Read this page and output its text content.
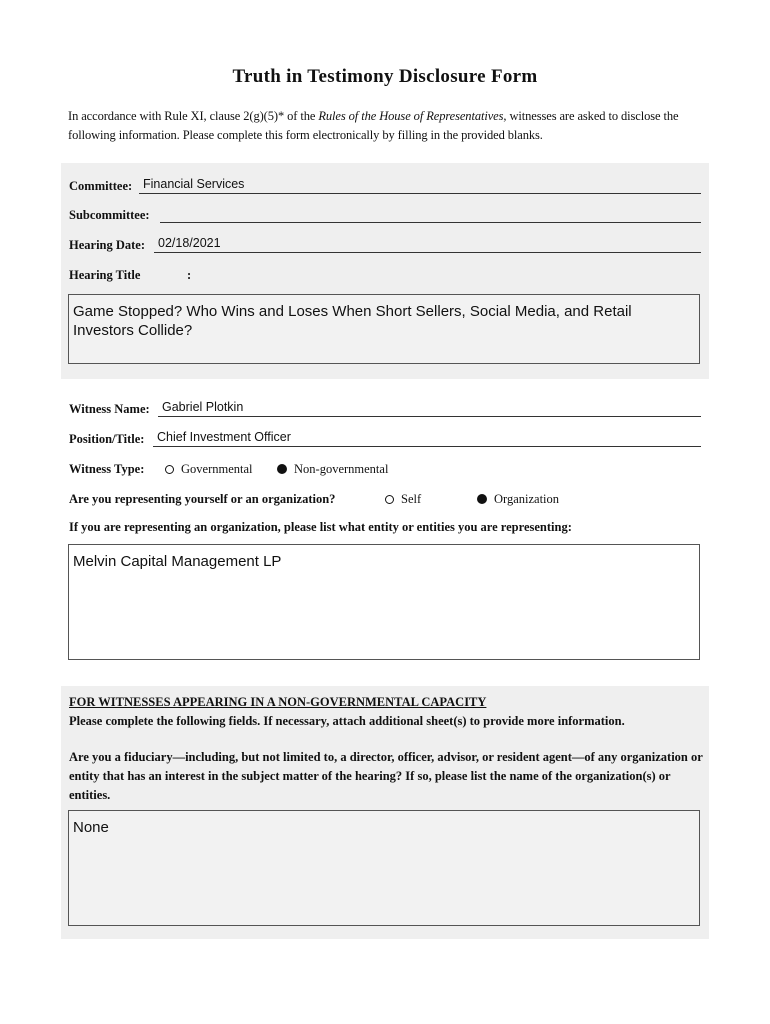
Truth in Testimony Disclosure Form
In accordance with Rule XI, clause 2(g)(5)* of the Rules of the House of Representatives, witnesses are asked to disclose the following information. Please complete this form electronically by filling in the provided blanks.
Committee: Financial Services
Subcommittee:
Hearing Date: 02/18/2021
Hearing Title	:
Game Stopped? Who Wins and Loses When Short Sellers, Social Media, and Retail Investors Collide?
Witness Name: Gabriel Plotkin
Position/Title: Chief Investment Officer
Witness Type:	Governmental	Non-governmental
Are you representing yourself or an organization?	Self	Organization
If you are representing an organization, please list what entity or entities you are representing:
Melvin Capital Management LP
FOR WITNESSES APPEARING IN A NON-GOVERNMENTAL CAPACITY
Please complete the following fields. If necessary, attach additional sheet(s) to provide more information.
Are you a fiduciary—including, but not limited to, a director, officer, advisor, or resident agent—of any organization or entity that has an interest in the subject matter of the hearing? If so, please list the name of the organization(s) or entities.
None
